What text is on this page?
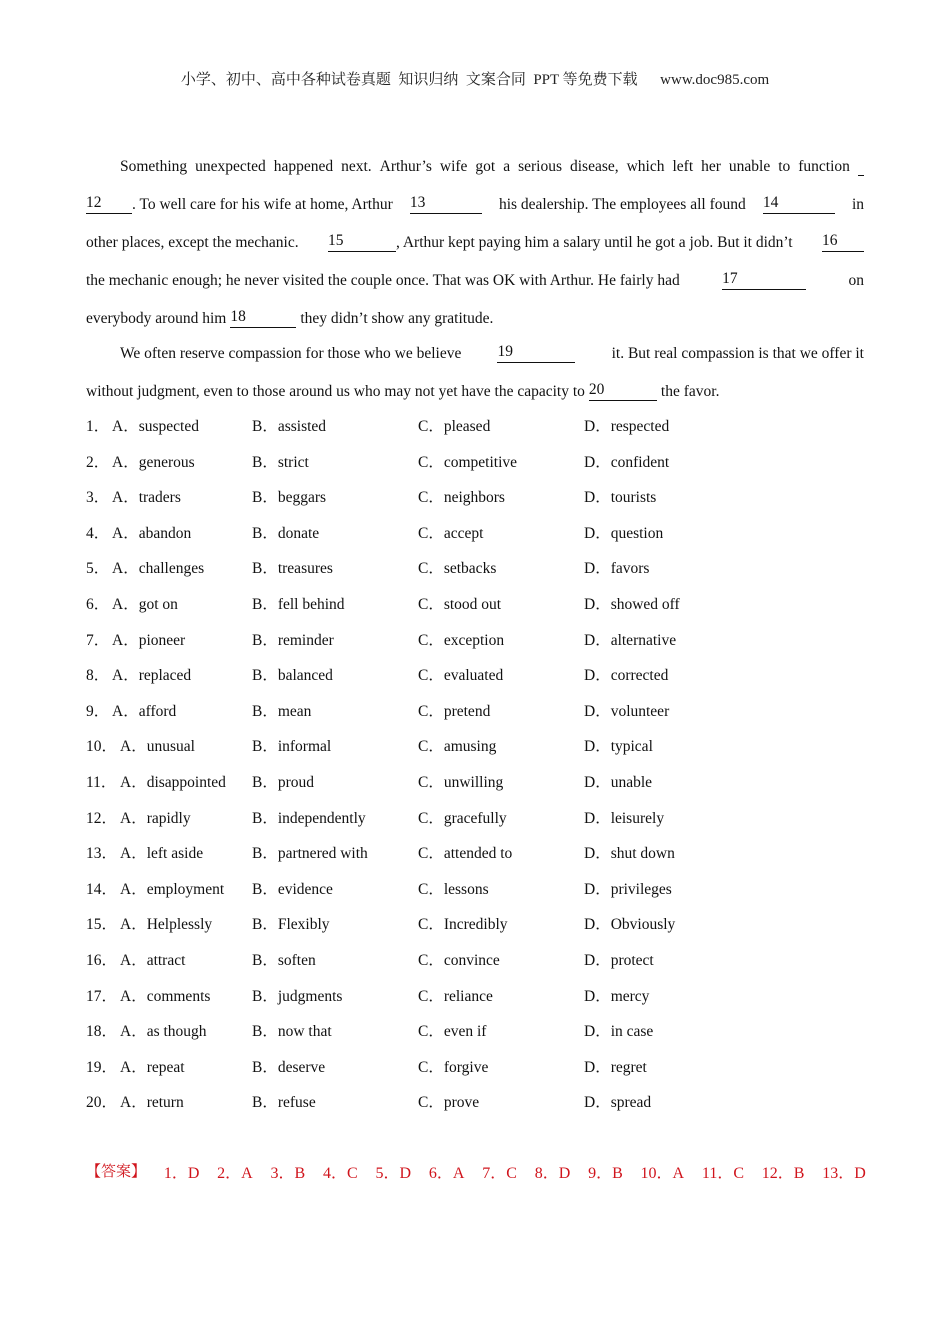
小学、初中、高中各种试卷真题  知识归纳  文案合同  PPT 等免费下载      www.doc985.com
Something unexpected happened next. Arthur’s wife got a serious disease, which left her unable to function
12	. To well care for his wife at home, Arthur 13	his dealership. The employees all found 14	in
other places, except the mechanic. 15	, Arthur kept paying him a salary until he got a job. But it didn’t 16
the mechanic enough; he never visited the couple once. That was OK with Arthur. He fairly had	17	on
everybody around him 18	they didn’t show any gratitude.
We often reserve compassion for those who we believe 19	it. But real compassion is that we offer it
without judgment, even to those around us who may not yet have the capacity to 20	the favor.
1． A．suspected	B．assisted	C．pleased	D．respected
2． A．generous	B．strict	C．competitive	D．confident
3． A．traders	B．beggars	C．neighbors	D．tourists
4． A．abandon	B．donate	C．accept	D．question
5． A．challenges	B．treasures	C．setbacks	D．favors
6． A．got on	B．fell behind	C．stood out	D．showed off
7． A．pioneer	B．reminder	C．exception	D．alternative
8． A．replaced	B．balanced	C．evaluated	D．corrected
9． A．afford	B．mean	C．pretend	D．volunteer
10． A．unusual	B．informal	C．amusing	D．typical
11． A．disappointed B．proud	C．unwilling	D．unable
12． A．rapidly	B．independently	C．gracefully	D．leisurely
13． A．left aside	B．partnered with	C．attended to	D．shut down
14． A．employment B．evidence	C．lessons	D．privileges
15． A．Helplessly	B．Flexibly	C．Incredibly	D．Obviously
16． A．attract	B．soften	C．convince	D．protect
17． A．comments	B．judgments	C．reliance	D．mercy
18． A．as though	B．now that	C．even if	D．in case
19． A．repeat	B．deserve	C．forgive	D．regret
20． A．return	B．refuse	C．prove	D．spread
【答案】 1．D 2．A 3．B 4．C 5．D 6．A 7．C 8．D 9．B 10．A 11．C 12．B 13．D
